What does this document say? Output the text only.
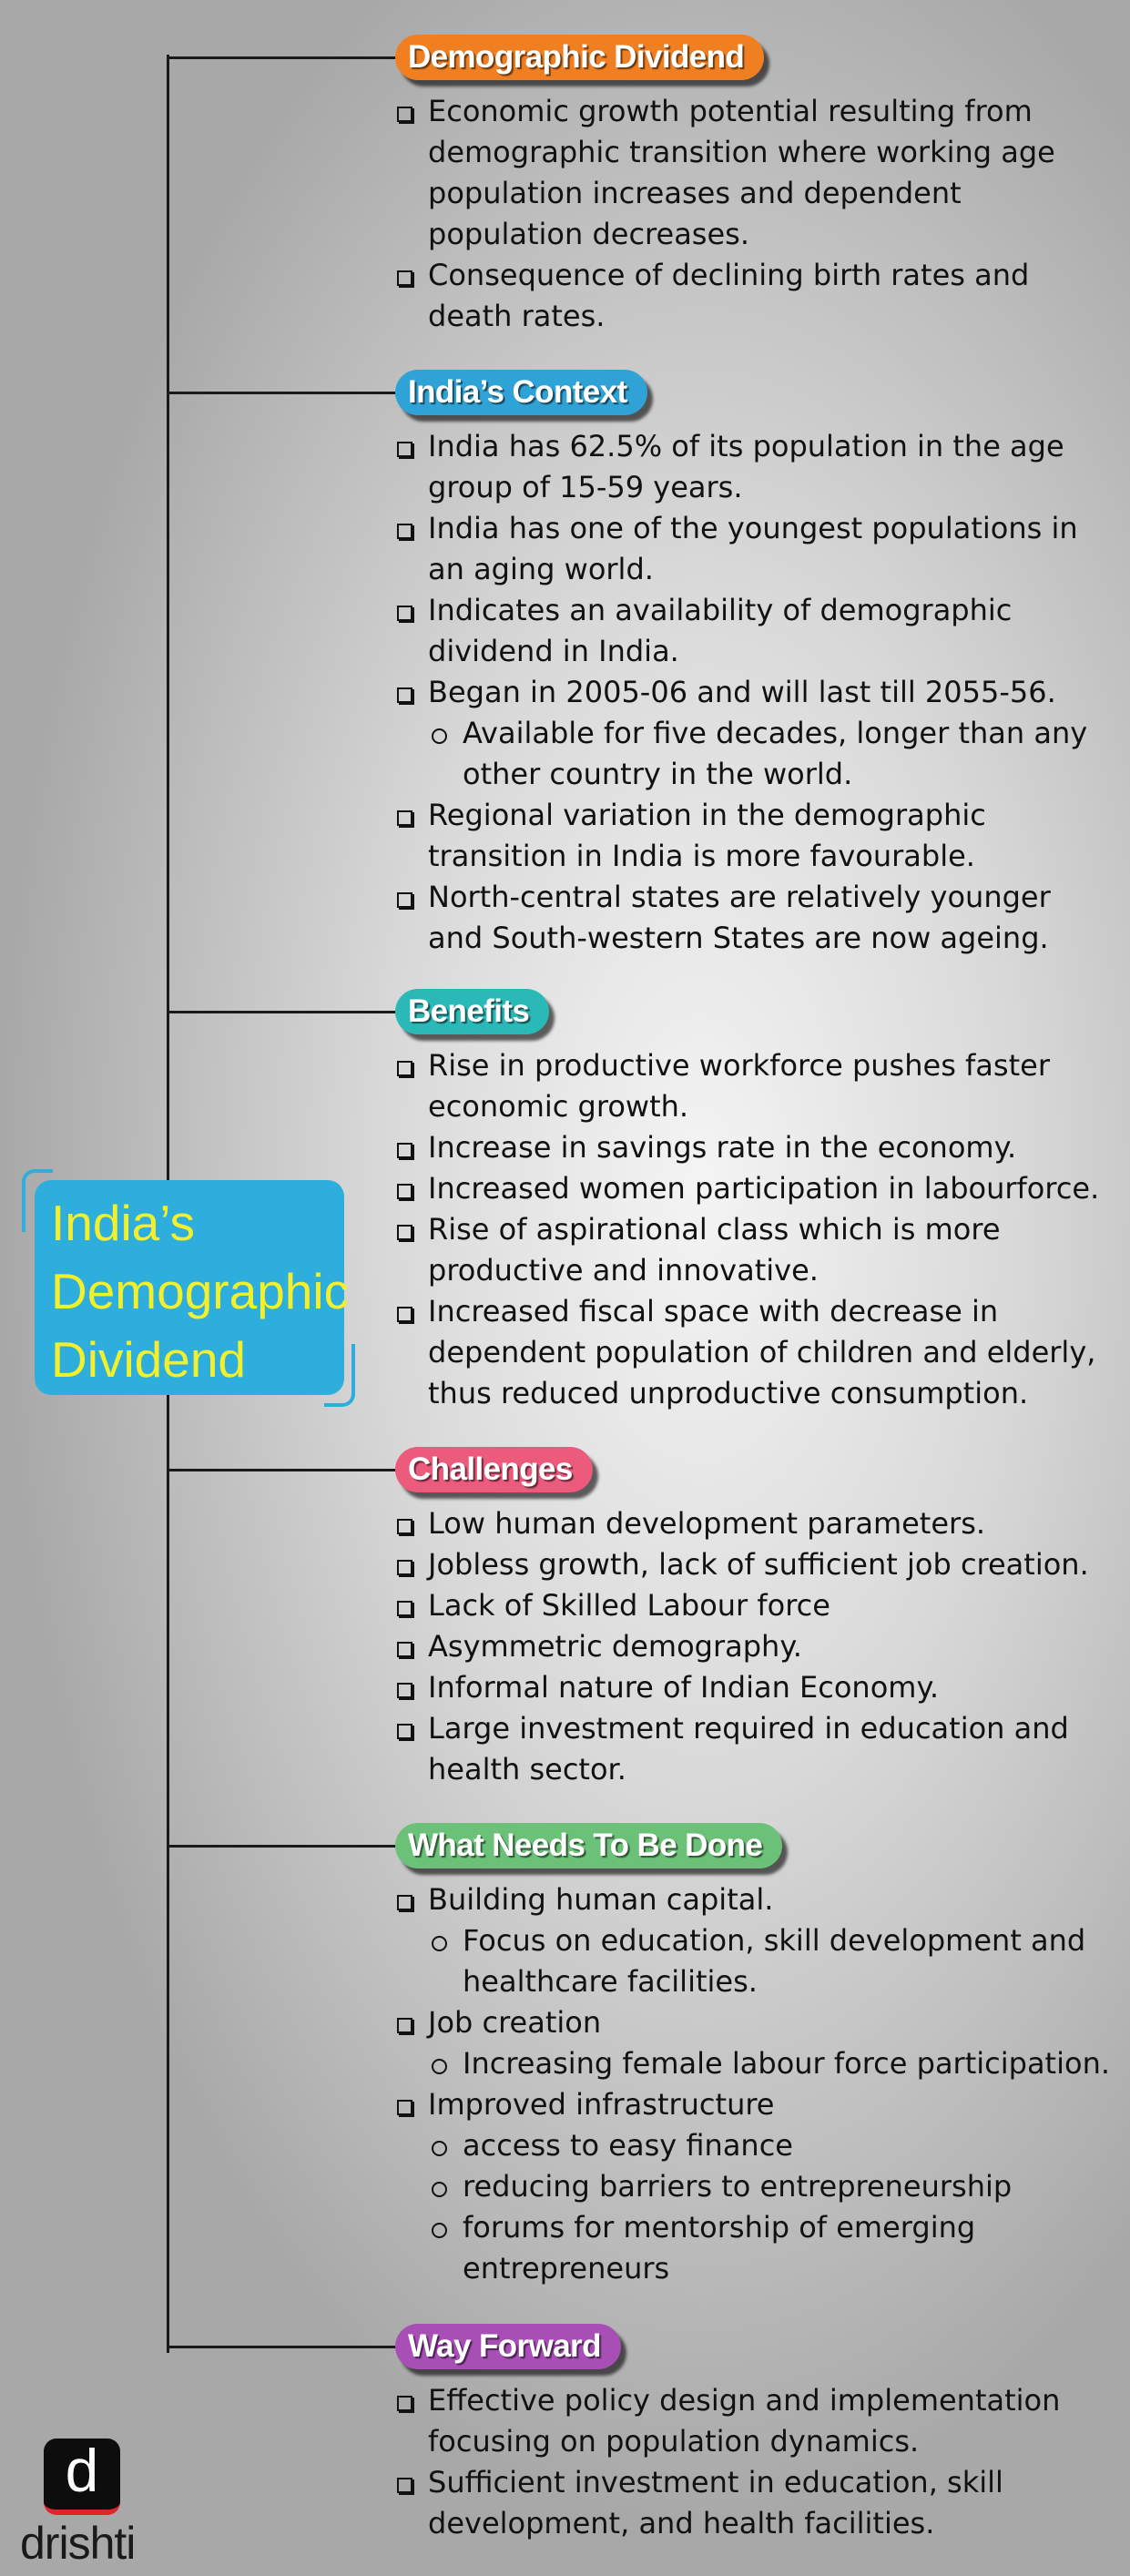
India’s
Demographic
Dividend
Demographic Dividend
Economic growth potential resulting from
demographic transition where working age
population increases and dependent
population decreases.
Consequence of declining birth rates and
death rates.
India’s Context
India has 62.5% of its population in the age
group of 15-59 years.
India has one of the youngest populations in
an aging world.
Indicates an availability of demographic
dividend in India.
Began in 2005-06 and will last till 2055-56.
Available for five decades, longer than any
other country in the world.
Regional variation in the demographic
transition in India is more favourable.
North-central states are relatively younger
and South-western States are now ageing.
Benefits
Rise in productive workforce pushes faster
economic growth.
Increase in savings rate in the economy.
Increased women participation in labourforce.
Rise of aspirational class which is more
productive and innovative.
Increased fiscal space with decrease in
dependent population of children and elderly,
thus reduced unproductive consumption.
Challenges
Low human development parameters.
Jobless growth, lack of sufficient job creation.
Lack of Skilled Labour force
Asymmetric demography.
Informal nature of Indian Economy.
Large investment required in education and
health sector.
What Needs To Be Done
Building human capital.
Focus on education, skill development and
healthcare facilities.
Job creation
Increasing female labour force participation.
Improved infrastructure
access to easy finance
reducing barriers to entrepreneurship
forums for mentorship of emerging
entrepreneurs
Way Forward
Effective policy design and implementation
focusing on population dynamics.
Sufficient investment in education, skill
development, and health facilities.
d
drishti
